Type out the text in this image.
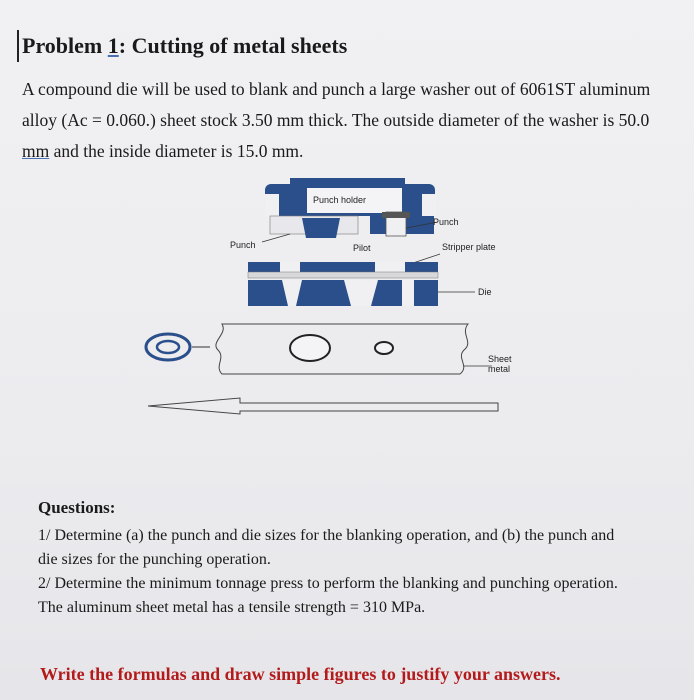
Problem 1: Cutting of metal sheets
A compound die will be used to blank and punch a large washer out of 6061ST aluminum
alloy (Ac = 0.060.) sheet stock 3.50 mm thick. The outside diameter of the washer is 50.0
mm and the inside diameter is 15.0 mm.
Punch holder
Punch
Punch	Pilot	Stripper plate
Die
Sheet
metal
Questions:
1/ Determine (a) the punch and die sizes for the blanking operation, and (b) the punch and
die sizes for the punching operation.
2/ Determine the minimum tonnage press to perform the blanking and punching operation.
The aluminum sheet metal has a tensile strength = 310 MPa.
Write the formulas and draw simple figures to justify your answers.
